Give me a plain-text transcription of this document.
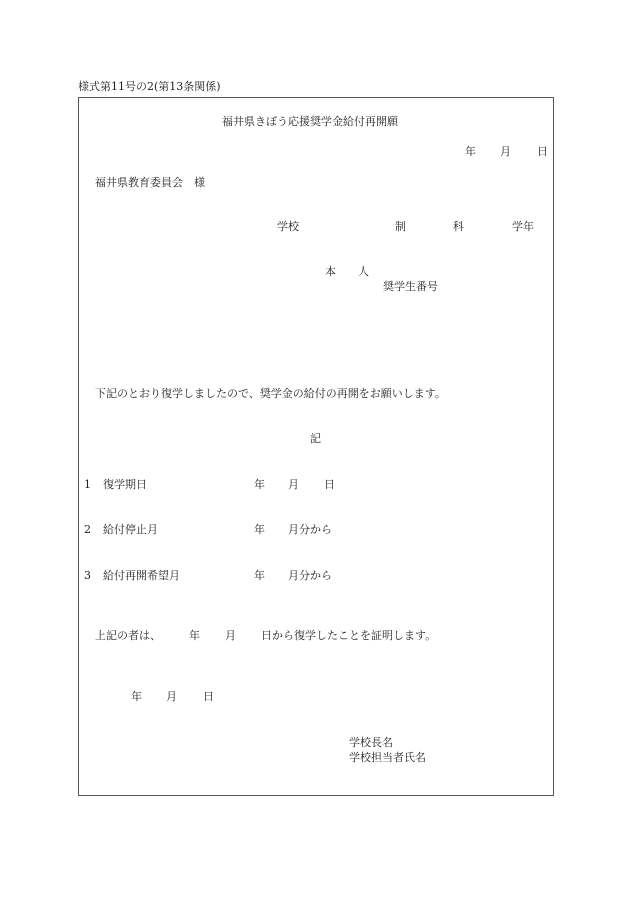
様式第11号の2(第13条関係)
福井県きぼう応援奨学金給付再開願
年 月 日
福井県教育委員会　様
学校	制	科	学年
本　　人
奨学生番号
下記のとおり復学しましたので、奨学金の給付の再開をお願いします。
記
1 復学期日	年 月 日
2 給付停止月	年 月分から
3 給付再開希望月	年 月分から
上記の者は、	年 月 日から復学したことを証明します。
年 月 日
学校長名
学校担当者氏名
